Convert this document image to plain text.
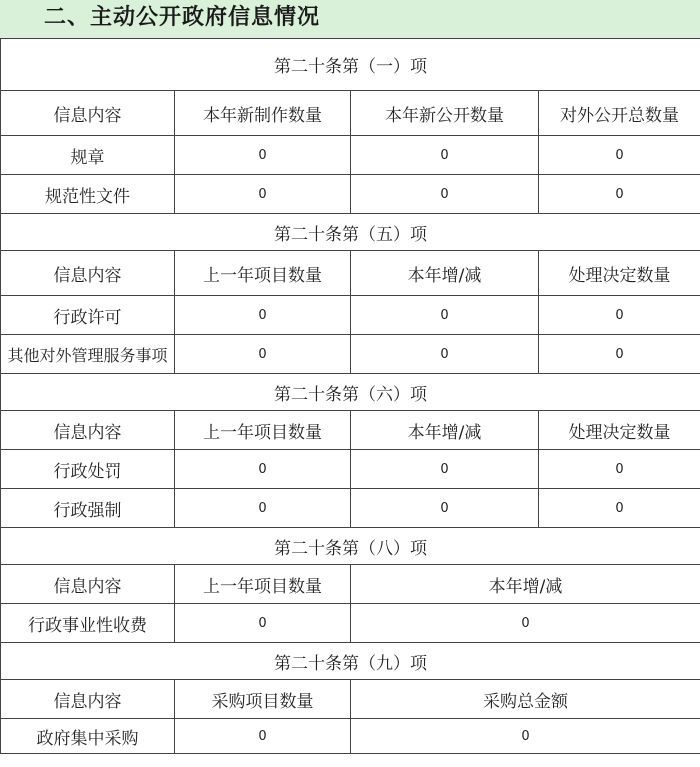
二、主动公开政府信息情况
第二十条第（一）项			
信息内容	本年新制作数量	本年新公开数量	对外公开总数量
规章	0	0	0
规范性文件	0	0	0
第二十条第（五）项			
信息内容	上一年项目数量	本年增/减	处理决定数量
行政许可	0	0	0
其他对外管理服务事项	0	0	0
第二十条第（六）项			
信息内容	上一年项目数量	本年增/减	处理决定数量
行政处罚	0	0	0
行政强制	0	0	0
第二十条第（八）项			
信息内容	上一年项目数量	本年增/减	
行政事业性收费	0	0	
第二十条第（九）项			
信息内容	采购项目数量	采购总金额	
政府集中采购	0	0	
